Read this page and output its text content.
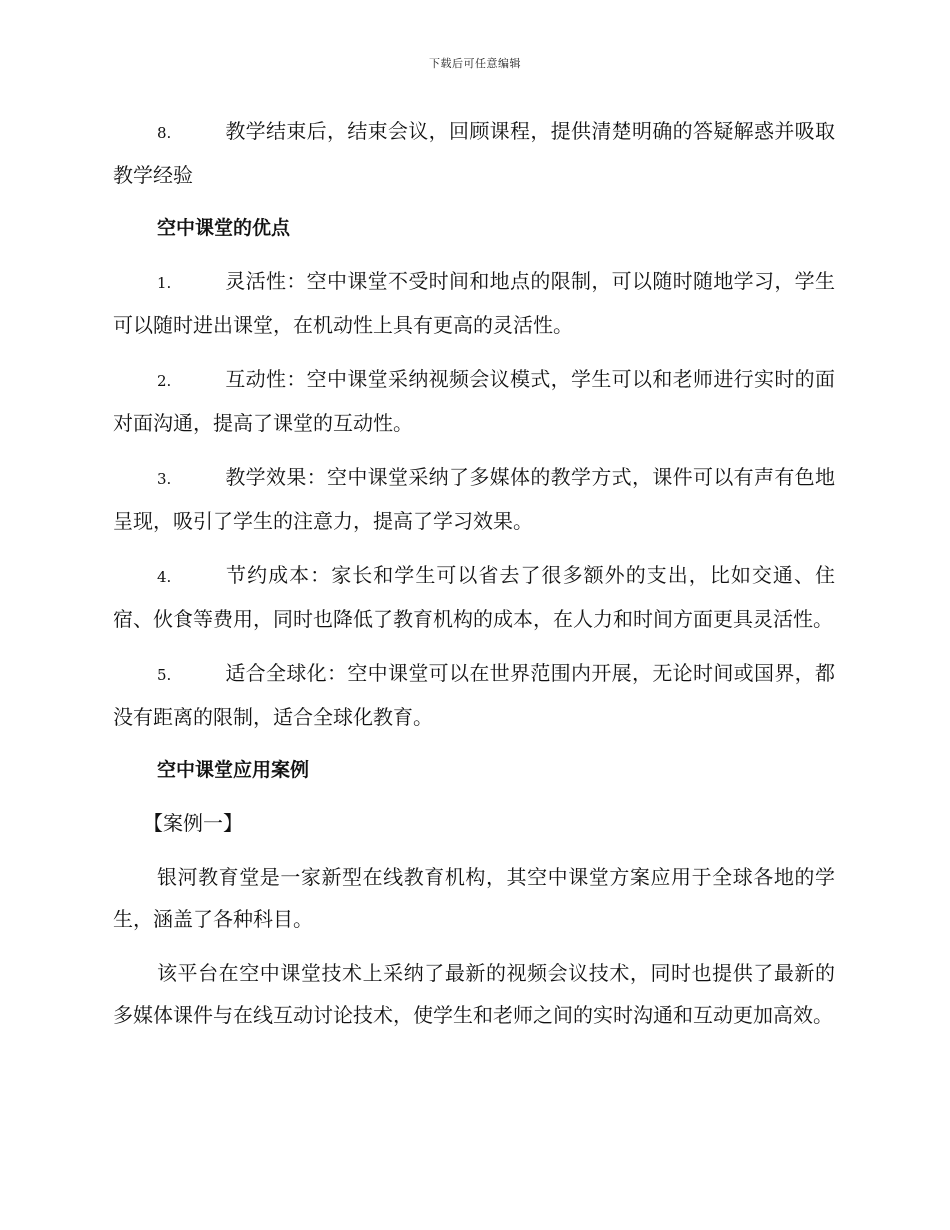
下载后可任意编辑

8.	教学结束后，结束会议，回顾课程，提供清楚明确的答疑解惑并吸取教学经验

空中课堂的优点

1.	灵活性：空中课堂不受时间和地点的限制，可以随时随地学习，学生可以随时进出课堂，在机动性上具有更高的灵活性。

2.	互动性：空中课堂采纳视频会议模式，学生可以和老师进行实时的面对面沟通，提高了课堂的互动性。

3.	教学效果：空中课堂采纳了多媒体的教学方式，课件可以有声有色地呈现，吸引了学生的注意力，提高了学习效果。

4.	节约成本：家长和学生可以省去了很多额外的支出，比如交通、住宿、伙食等费用，同时也降低了教育机构的成本，在人力和时间方面更具灵活性。

5.	适合全球化：空中课堂可以在世界范围内开展，无论时间或国界，都没有距离的限制，适合全球化教育。

空中课堂应用案例
【案例一】

银河教育堂是一家新型在线教育机构，其空中课堂方案应用于全球各地的学生，涵盖了各种科目。

该平台在空中课堂技术上采纳了最新的视频会议技术，同时也提供了最新的多媒体课件与在线互动讨论技术，使学生和老师之间的实时沟通和互动更加高效。
